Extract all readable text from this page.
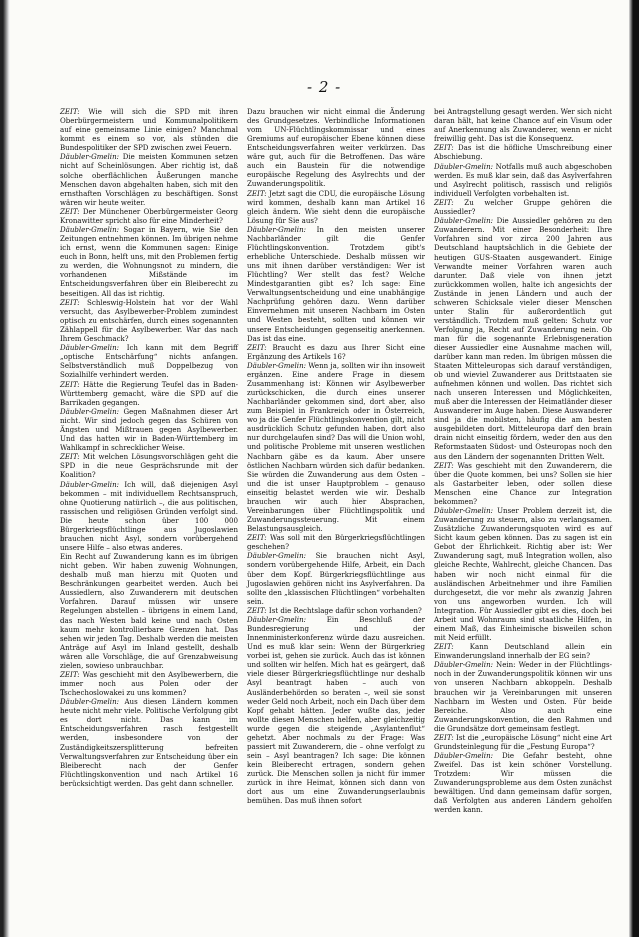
- 2 -

ZEIT: Wie will sich die SPD mit ihren Oberbürgermeistern und Kommunalpolitikern auf eine gemeinsame Linie einigen? Manchmal kommt es einem so vor, als stünden die Bundespolitiker der SPD zwischen zwei Feuern.

Däubler-Gmelin: Die meisten Kommunen setzen nicht auf Scheinlösungen. Aber richtig ist, daß solche oberflächlichen Äußerungen manche Menschen davon abgehalten haben, sich mit den ernsthaften Vorschlägen zu beschäftigen. Sonst wären wir heute weiter.

ZEIT: Der Münchener Oberbürgermeister Georg Kronawitter spricht also für eine Minderheit?

Däubler-Gmelin: Sogar in Bayern, wie Sie den Zeitungen entnehmen können. Im übrigen nehme ich ernst, wenn die Kommunen sagen: Einige euch in Bonn, helft uns, mit den Problemen fertig zu werden, die Wohnungsnot zu mindern, die vorhandenen Mißstände im Entscheidungsverfahren über ein Bleiberecht zu beseitigen. All das ist richtig.

ZEIT: Schleswig-Holstein hat vor der Wahl versucht, das Asylbewerber-Problem zumindest optisch zu entschärfen, durch eines sogenannten Zählappell für die Asylbewerber. War das nach Ihrem Geschmack?

Däubler-Gmelin: Ich kann mit dem Begriff „optische Entschärfung“ nichts anfangen. Selbstverständlich muß Doppelbezug von Sozialhilfe verhindert werden.

ZEIT: Hätte die Regierung Teufel das in Baden-Württemberg gemacht, wäre die SPD auf die Barrikaden gegangen.

Däubler-Gmelin: Gegen Maßnahmen dieser Art nicht. Wir sind jedoch gegen das Schüren von Ängsten und Mißtrauen gegen Asylbewerber. Und das hatten wir in Baden-Württemberg im Wahlkampf in schrecklicher Weise.

ZEIT: Mit welchen Lösungsvorschlägen geht die SPD in die neue Gesprächsrunde mit der Koalition?

Däubler-Gmelin: Ich will, daß diejenigen Asyl bekommen – mit individuellem Rechtsanspruch, ohne Quotierung natürlich –, die aus politischen, rassischen und religiösen Gründen verfolgt sind. Die heute schon über 100 000 Bürgerkriegsflüchtlinge aus Jugoslawien brauchen nicht Asyl, sondern vorübergehend unsere Hilfe – also etwas anderes.

Ein Recht auf Zuwanderung kann es im übrigen nicht geben. Wir haben zuwenig Wohnungen, deshalb muß man hierzu mit Quoten und Beschränkungen gearbeitet werden. Auch bei Aussiedlern, also Zuwanderern mit deutschen Vorfahren. Darauf müssen wir unsere Regelungen abstellen – übrigens in einem Land, das nach Westen bald keine und nach Osten kaum mehr kontrollierbare Grenzen hat. Das sehen wir jeden Tag. Deshalb werden die meisten Anträge auf Asyl im Inland gestellt, deshalb wären alle Vorschläge, die auf Grenzabweisung zielen, sowieso unbrauchbar.

ZEIT: Was geschieht mit den Asylbewerbern, die immer noch aus Polen oder der Tschechoslowakei zu uns kommen?

Däubler-Gmelin: Aus diesen Ländern kommen heute nicht mehr viele. Politische Verfolgung gibt es dort nicht. Das kann im Entscheidungsverfahren rasch festgestellt werden, insbesondere von der Zuständigkeitszersplitterung befreiten Verwaltungsverfahren zur Entscheidung über ein Bleiberecht nach der Genfer Flüchtlingskonvention und nach Artikel 16 berücksichtigt werden. Das geht dann schneller.

Dazu brauchen wir nicht einmal die Änderung des Grundgesetzes. Verbindliche Informationen vom UN-Flüchtlingskommissar und eines Gremiums auf europäischer Ebene können diese Entscheidungsverfahren weiter verkürzen. Das wäre gut, auch für die Betroffenen. Das wäre auch ein Baustein für die notwendige europäische Regelung des Asylrechts und der Zuwanderungspolitik.

ZEIT: Jetzt sagt die CDU, die europäische Lösung wird kommen, deshalb kann man Artikel 16 gleich ändern. Wie sieht denn die europäische Lösung für Sie aus?

Däubler-Gmelin: In den meisten unserer Nachbarländer gilt die Genfer Flüchtlingskonvention. Trotzdem gibt's erhebliche Unterschiede. Deshalb müssen wir uns mit ihnen darüber verständigen: Wer ist Flüchtling? Wer stellt das fest? Welche Mindestgarantien gibt es? Ich sage: Eine Verwaltungsentscheidung und eine unabhängige Nachprüfung gehören dazu. Wenn darüber Einvernehmen mit unseren Nachbarn im Osten und Westen besteht, sollten und können wir unsere Entscheidungen gegenseitig anerkennen. Das ist das eine.

ZEIT: Braucht es dazu aus Ihrer Sicht eine Ergänzung des Artikels 16?

Däubler-Gmelin: Wenn ja, sollten wir ihn insoweit ergänzen. Eine andere Frage in diesem Zusammenhang ist: Können wir Asylbewerber zurückschicken, die durch eines unserer Nachbarländer gekommen sind, dort aber, also zum Beispiel in Frankreich oder in Österreich, wo ja die Genfer Flüchtlingskonvention gilt, nicht ausdrücklich Schutz gefunden haben, dort also nur durchgelaufen sind? Das will die Union wohl, und politische Probleme mit unseren westlichen Nachbarn gäbe es da kaum. Aber unsere östlichen Nachbarn würden sich dafür bedanken. Sie würden die Zuwanderung aus dem Osten – und die ist unser Hauptproblem – genauso einseitig belastet werden wie wir. Deshalb brauchen wir auch hier Absprachen, Vereinbarungen über Flüchtlingspolitik und Zuwanderungssteuerung. Mit einem Belastungsausgleich.

ZEIT: Was soll mit den Bürgerkriegsflüchtlingen geschehen?

Däubler-Gmelin: Sie brauchen nicht Asyl, sondern vorübergehende Hilfe, Arbeit, ein Dach über dem Kopf. Bürgerkriegsflüchtlinge aus Jugoslawien gehören nicht ins Asylverfahren. Da sollte den „klassischen Flüchtlingen“ vorbehalten sein.

ZEIT: Ist die Rechtslage dafür schon vorhanden?

Däubler-Gmelin:	Ein Beschluß der Bundesregierung und der Innenministerkonferenz würde dazu ausreichen. Und es muß klar sein: Wenn der Bürgerkrieg vorbei ist, gehen sie zurück. Auch das ist können und sollten wir helfen. Mich hat es geärgert, daß viele dieser Bürgerkriegsflüchtlinge nur deshalb Asyl beantragt haben – auch von Ausländerbehörden so beraten –, weil sie sonst weder Geld noch Arbeit, noch ein Dach über dem Kopf gehabt hätten. Jeder wußte das, jeder wollte diesen Menschen helfen, aber gleichzeitig wurde gegen die steigende „Asylantenflut“ gehetzt. Aber nochmals zu der Frage: Was passiert mit Zuwanderern, die – ohne verfolgt zu sein – Asyl beantragen? Ich sage: Die können kein Bleiberecht ertragen, sondern gehen zurück. Die Menschen sollen ja nicht für immer zurück in ihre Heimat, können sich dann von dort aus um eine Zuwanderungserlaubnis bemühen. Das muß ihnen sofort

bei Antragstellung gesagt werden. Wer sich nicht daran hält, hat keine Chance auf ein Visum oder auf Anerkennung als Zuwanderer, wenn er nicht freiwillig geht. Das ist die Konsequenz.

ZEIT: Das ist die höfliche Umschreibung einer Abschiebung.

Däubler-Gmelin: Notfalls muß auch abgeschoben werden. Es muß klar sein, daß das Asylverfahren und Asylrecht politisch, rassisch und religiös individuell Verfolgten vorbehalten ist.

ZEIT: Zu welcher Gruppe gehören die Aussiedler?

Däubler-Gmelin: Die Aussiedler gehören zu den Zuwanderern. Mit einer Besonderheit: Ihre Vorfahren sind vor zirca 200 Jahren aus Deutschland hauptsächlich in die Gebiete der heutigen GUS-Staaten ausgewandert. Einige Verwandte meiner Vorfahren waren auch darunter. Daß viele von ihnen jetzt zurückkommen wollen, halte ich angesichts der Zustände in jenen Ländern und auch der schweren Schicksale vieler dieser Menschen unter Stalin für außerordentlich gut verständlich. Trotzdem muß gelten: Schutz vor Verfolgung ja, Recht auf Zuwanderung nein. Ob man für die sogenannte Erlebnisgeneration dieser Aussiedler eine Ausnahme machen will, darüber kann man reden. Im übrigen müssen die Staaten Mitteleuropas sich darauf verständigen, ob und wieviel Zuwanderer aus Drittstaaten sie aufnehmen können und wollen. Das richtet sich nach unseren Interessen und Möglichkeiten, muß aber die Interessen der Heimatländer dieser Auswanderer im Auge haben. Diese Auswanderer sind ja die mobilsten, häufig die am besten ausgebildeten dort. Mitteleuropa darf den brain drain nicht einseitig fördern, weder den aus den Reformstaaten Südost- und Osteuropas noch den aus den Ländern der sogenannten Dritten Welt.

ZEIT: Was geschieht mit den Zuwanderern, die über die Quote kommen, bei uns? Sollen sie hier als Gastarbeiter leben, oder sollen diese Menschen eine Chance zur Integration bekommen?

Däubler-Gmelin: Unser Problem derzeit ist, die Zuwanderung zu steuern, also zu verlangsamen. Zusätzliche Zuwanderungsquoten wird es auf Sicht kaum geben können. Das zu sagen ist ein Gebot der Ehrlichkeit. Richtig aber ist: Wer Zuwanderung sagt, muß Integration wollen, also gleiche Rechte, Wahlrecht, gleiche Chancen. Das haben wir noch nicht einmal für die ausländischen Arbeitnehmer und ihre Familien durchgesetzt, die vor mehr als zwanzig Jahren von uns angeworben wurden. Ich will Integration. Für Aussiedler gibt es dies, doch bei Arbeit und Wohnraum sind staatliche Hilfen, in einem Maß, das Einheimische bisweilen schon mit Neid erfüllt.

ZEIT: Kann Deutschland allein ein Einwanderungsland innerhalb der EG sein?

Däubler-Gmelin: Nein: Weder in der Flüchtlings- noch in der Zuwanderungspolitik können wir uns von unseren Nachbarn abkoppeln. Deshalb brauchen wir ja Vereinbarungen mit unseren Nachbarn im Westen und Osten. Für beide Bereiche. Also auch eine Zuwanderungskonvention, die den Rahmen und die Grundsätze dort gemeinsam festlegt.

ZEIT: Ist die „europäische Lösung“ nicht eine Art Grundsteinlegung für die „Festung Europa“?

Däubler-Gmelin: Die Gefahr besteht, ohne Zweifel. Das ist kein schöner Vorstellung. Trotzdem: Wir müssen die Zuwanderungsprobleme aus dem Osten zunächst bewältigen. Und dann gemeinsam dafür sorgen, daß Verfolgten aus anderen Ländern geholfen werden kann.
